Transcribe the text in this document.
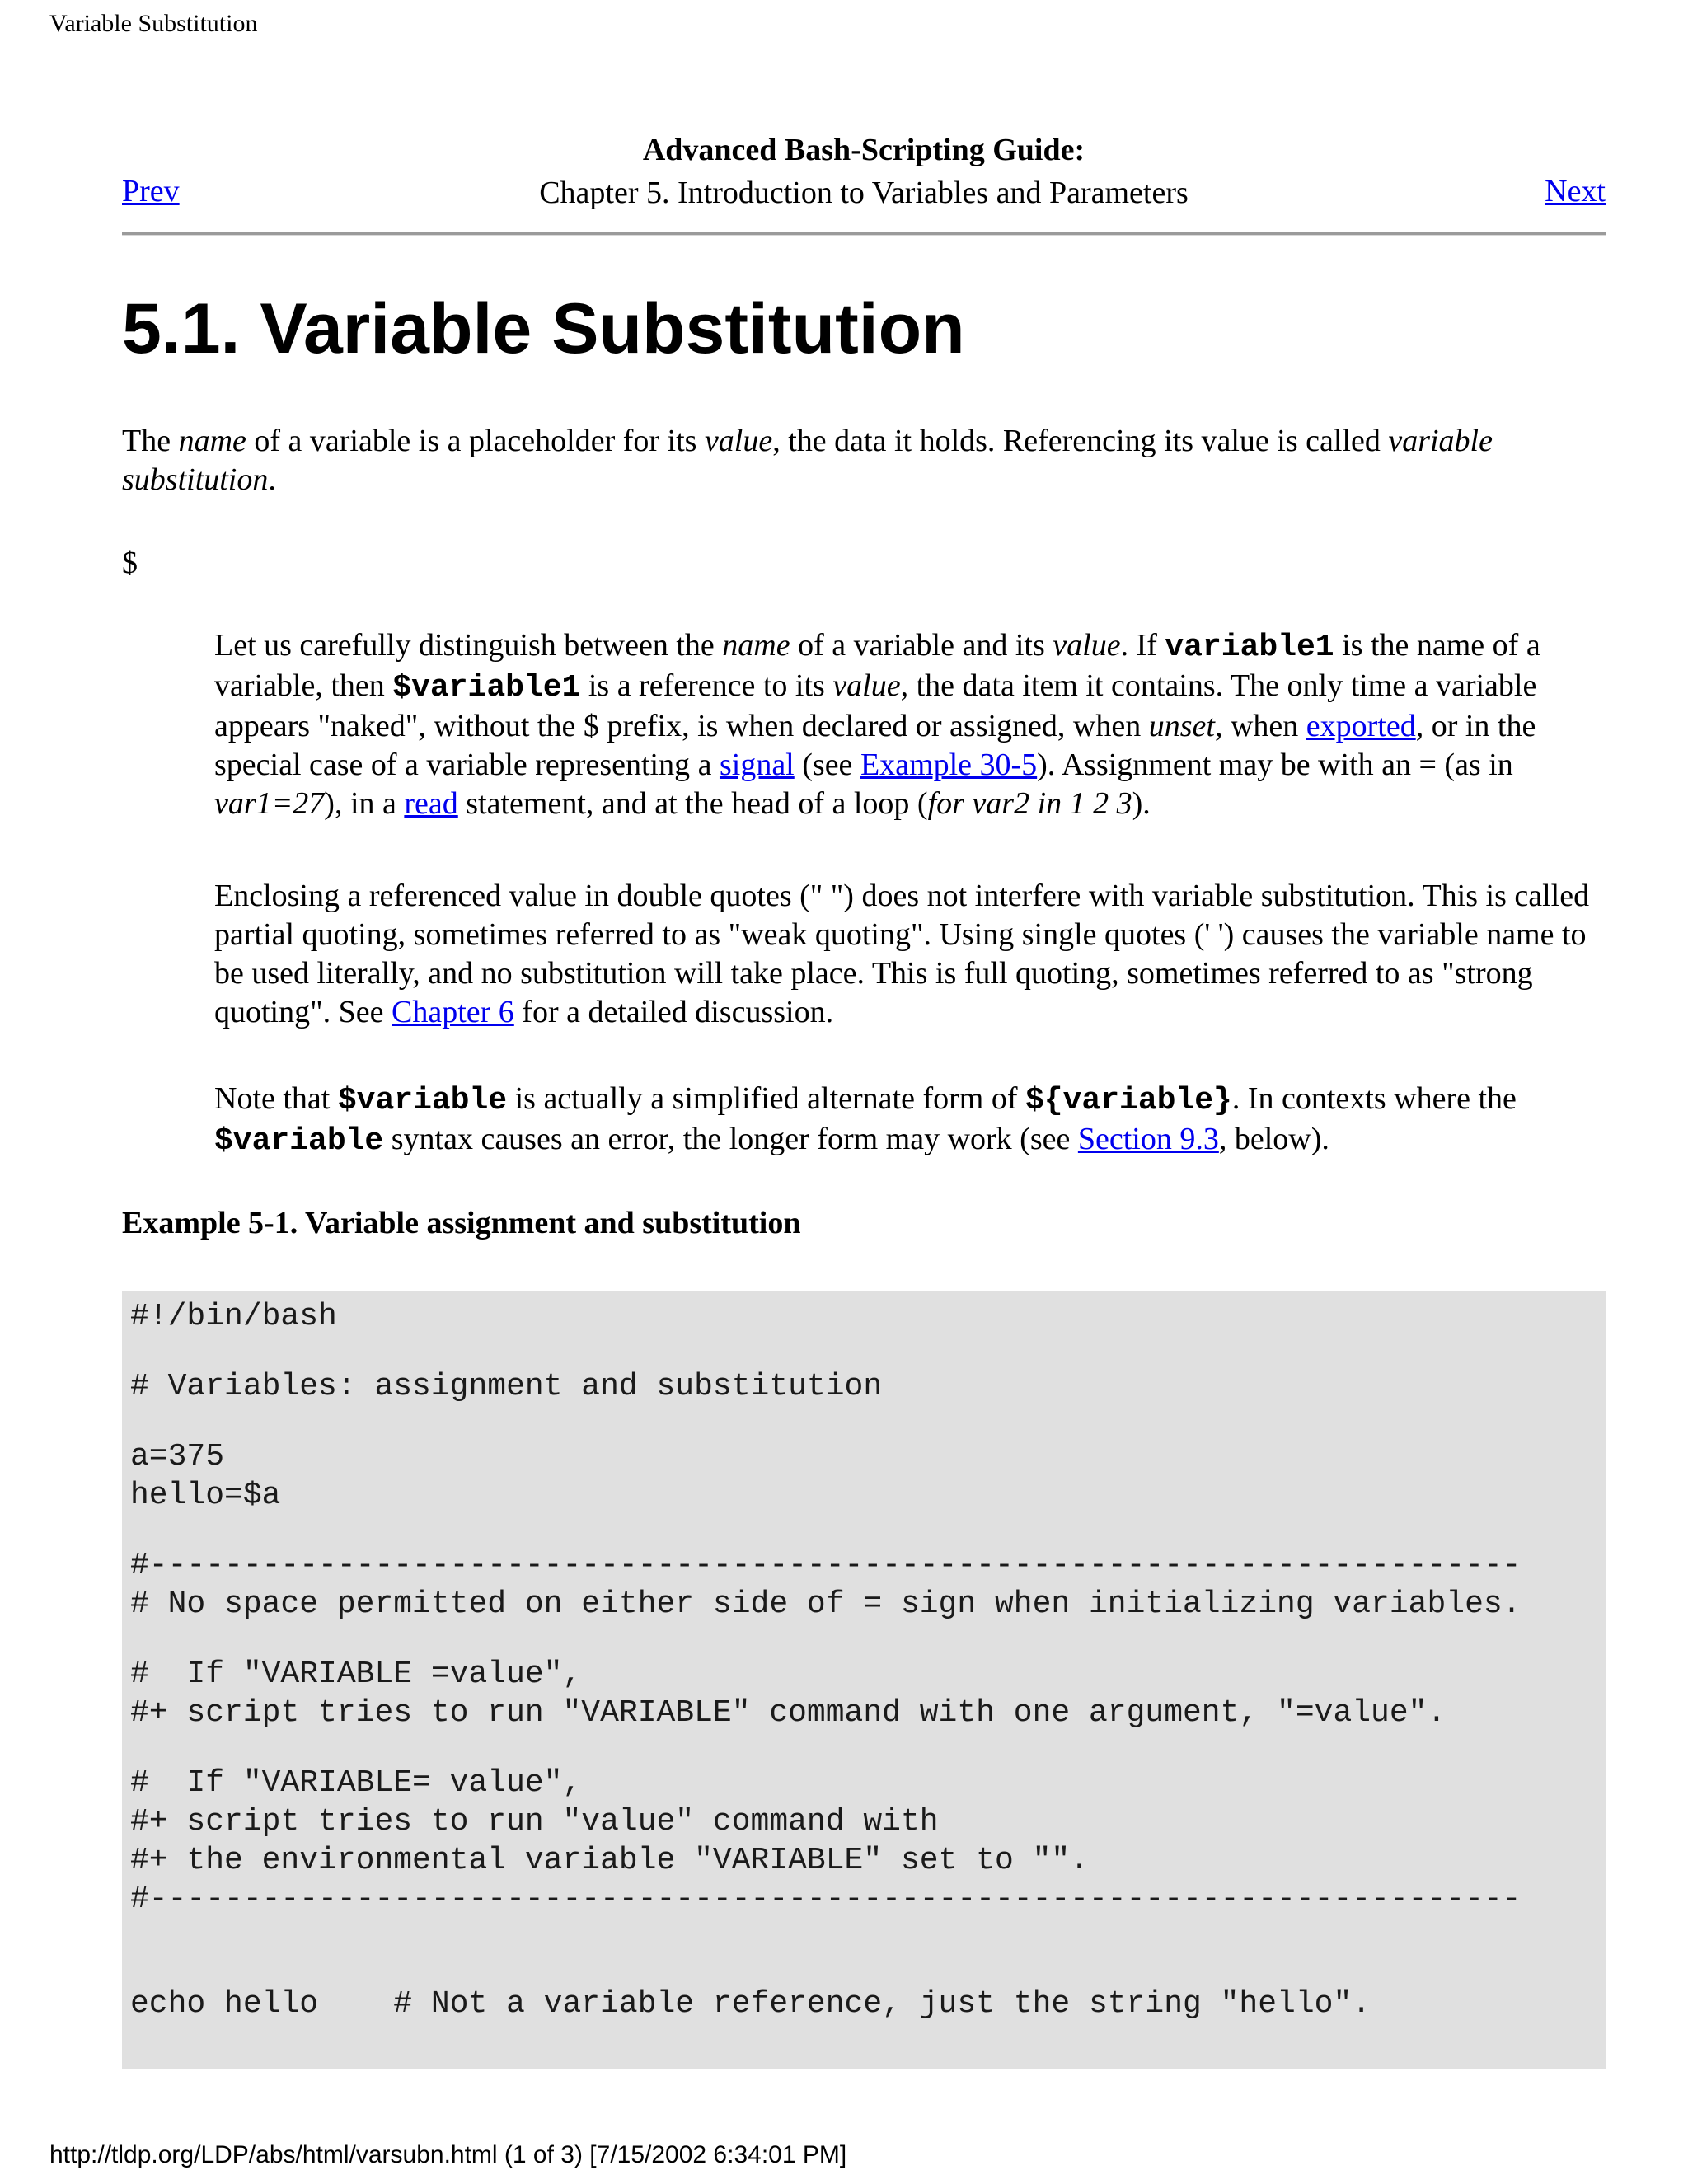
Variable Substitution
Prev
Advanced Bash-Scripting Guide:
Chapter 5. Introduction to Variables and Parameters	Next
5.1. Variable Substitution

The name of a variable is a placeholder for its value, the data it holds. Referencing its value is called variable substitution.

$

Let us carefully distinguish between the name of a variable and its value. If variable1 is the name of a variable, then $variable1 is a reference to its value, the data item it contains. The only time a variable appears "naked", without the $ prefix, is when declared or assigned, when unset, when exported, or in the special case of a variable representing a signal (see Example 30-5). Assignment may be with an = (as in var1=27), in a read statement, and at the head of a loop (for var2 in 1 2 3).

Enclosing a referenced value in double quotes (" ") does not interfere with variable substitution. This is called partial quoting, sometimes referred to as "weak quoting". Using single quotes (' ') causes the variable name to be used literally, and no substitution will take place. This is full quoting, sometimes referred to as "strong quoting". See Chapter 6 for a detailed discussion.

Note that $variable is actually a simplified alternate form of ${variable}. In contexts where the $variable syntax causes an error, the longer form may work (see Section 9.3, below).

Example 5-1. Variable assignment and substitution
#!/bin/bash

# Variables: assignment and substitution

a=375
hello=$a

#-------------------------------------------------------------------------
# No space permitted on either side of = sign when initializing variables.

#  If "VARIABLE =value",
#+ script tries to run "VARIABLE" command with one argument, "=value".

#  If "VARIABLE= value",
#+ script tries to run "value" command with
#+ the environmental variable "VARIABLE" set to "".
#-------------------------------------------------------------------------

echo hello    # Not a variable reference, just the string "hello".
http://tldp.org/LDP/abs/html/varsubn.html (1 of 3) [7/15/2002 6:34:01 PM]
